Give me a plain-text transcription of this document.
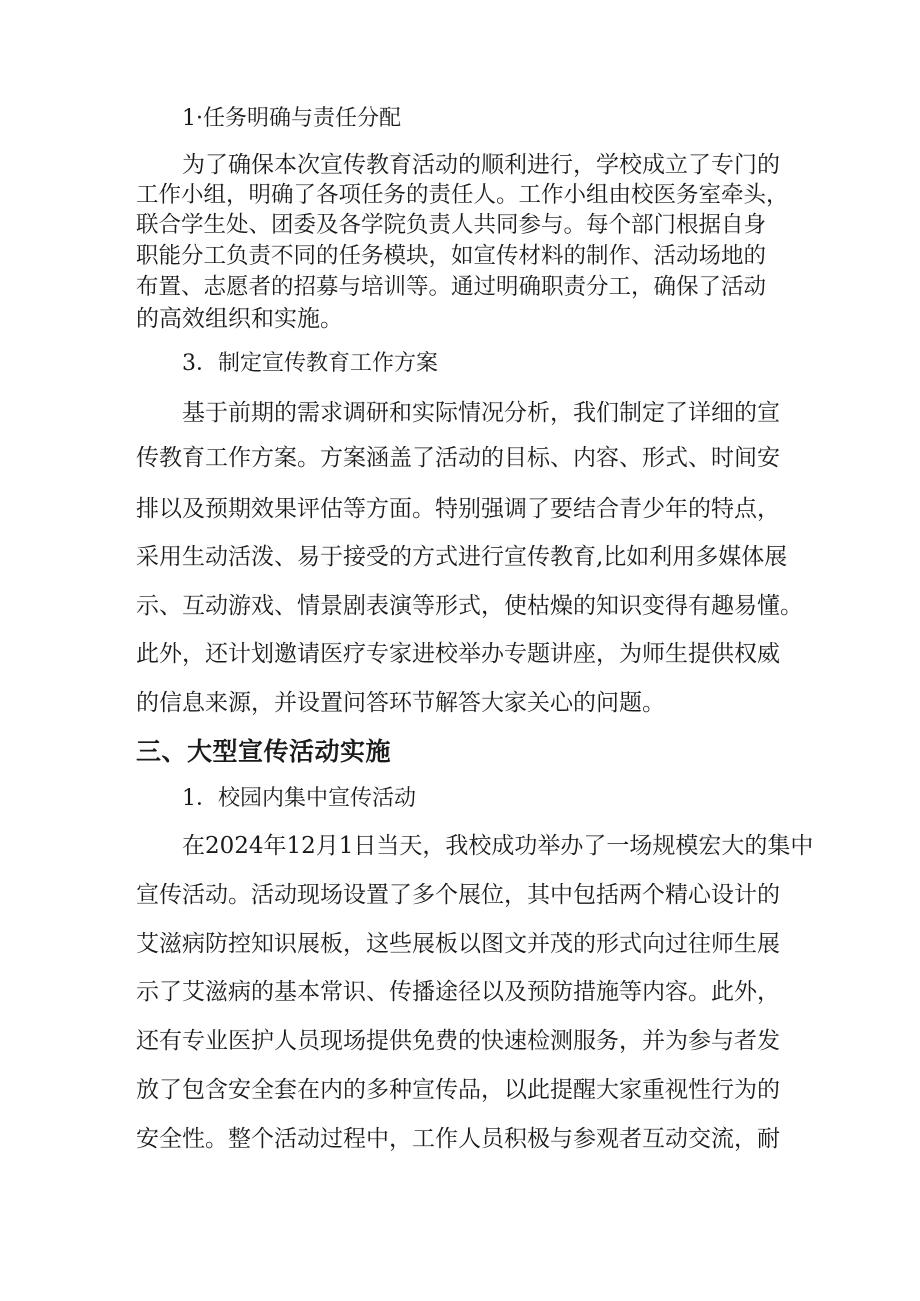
1·任务明确与责任分配
为了确保本次宣传教育活动的顺利进行，学校成立了专门的
工作小组，明确了各项任务的责任人。工作小组由校医务室牵头，
联合学生处、团委及各学院负责人共同参与。每个部门根据自身
职能分工负责不同的任务模块，如宣传材料的制作、活动场地的
布置、志愿者的招募与培训等。通过明确职责分工，确保了活动
的高效组织和实施。
3．制定宣传教育工作方案
基于前期的需求调研和实际情况分析，我们制定了详细的宣
传教育工作方案。方案涵盖了活动的目标、内容、形式、时间安
排以及预期效果评估等方面。特别强调了要结合青少年的特点，
采用生动活泼、易于接受的方式进行宣传教育,比如利用多媒体展
示、互动游戏、情景剧表演等形式，使枯燥的知识变得有趣易懂。
此外，还计划邀请医疗专家进校举办专题讲座，为师生提供权威
的信息来源，并设置问答环节解答大家关心的问题。
三、大型宣传活动实施
1．校园内集中宣传活动
在2024年12月1日当天，我校成功举办了一场规模宏大的集中
宣传活动。活动现场设置了多个展位，其中包括两个精心设计的
艾滋病防控知识展板，这些展板以图文并茂的形式向过往师生展
示了艾滋病的基本常识、传播途径以及预防措施等内容。此外，
还有专业医护人员现场提供免费的快速检测服务，并为参与者发
放了包含安全套在内的多种宣传品，以此提醒大家重视性行为的
安全性。整个活动过程中，工作人员积极与参观者互动交流，耐
